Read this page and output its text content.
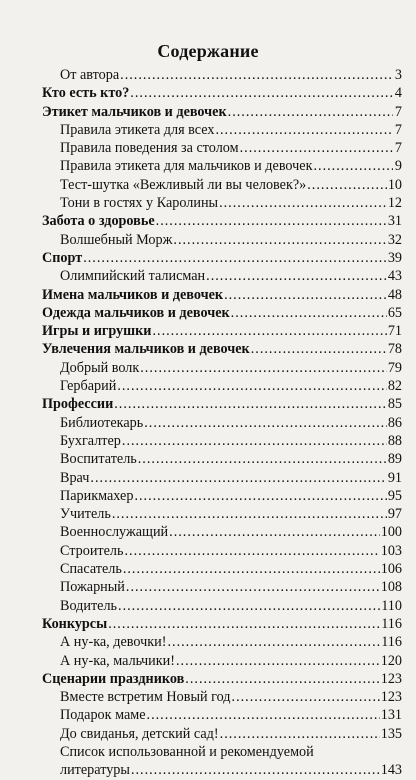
Содержание
От автора .....	3
Кто есть кто? .....	4
Этикет мальчиков и девочек .....	7
Правила этикета для всех .....	7
Правила поведения за столом .....	7
Правила этикета для мальчиков и девочек .....	9
Тест-шутка «Вежливый ли вы человек?» .....	10
Тони в гостях у Каролины .....	12
Забота о здоровье .....	31
Волшебный Морж .....	32
Спорт .....	39
Олимпийский талисман .....	43
Имена мальчиков и девочек .....	48
Одежда мальчиков и девочек .....	65
Игры и игрушки .....	71
Увлечения мальчиков и девочек .....	78
Добрый волк .....	79
Гербарий .....	82
Профессии .....	85
Библиотекарь .....	86
Бухгалтер .....	88
Воспитатель .....	89
Врач .....	91
Парикмахер .....	95
Учитель .....	97
Военнослужащий .....	100
Строитель .....	103
Спасатель .....	106
Пожарный .....	108
Водитель .....	110
Конкурсы .....	116
А ну-ка, девочки! .....	116
А ну-ка, мальчики! .....	120
Сценарии праздников .....	123
Вместе встретим Новый год .....	123
Подарок маме .....	131
До свиданья, детский сад! .....	135
Список использованной и рекомендуемой
литературы .....	143
